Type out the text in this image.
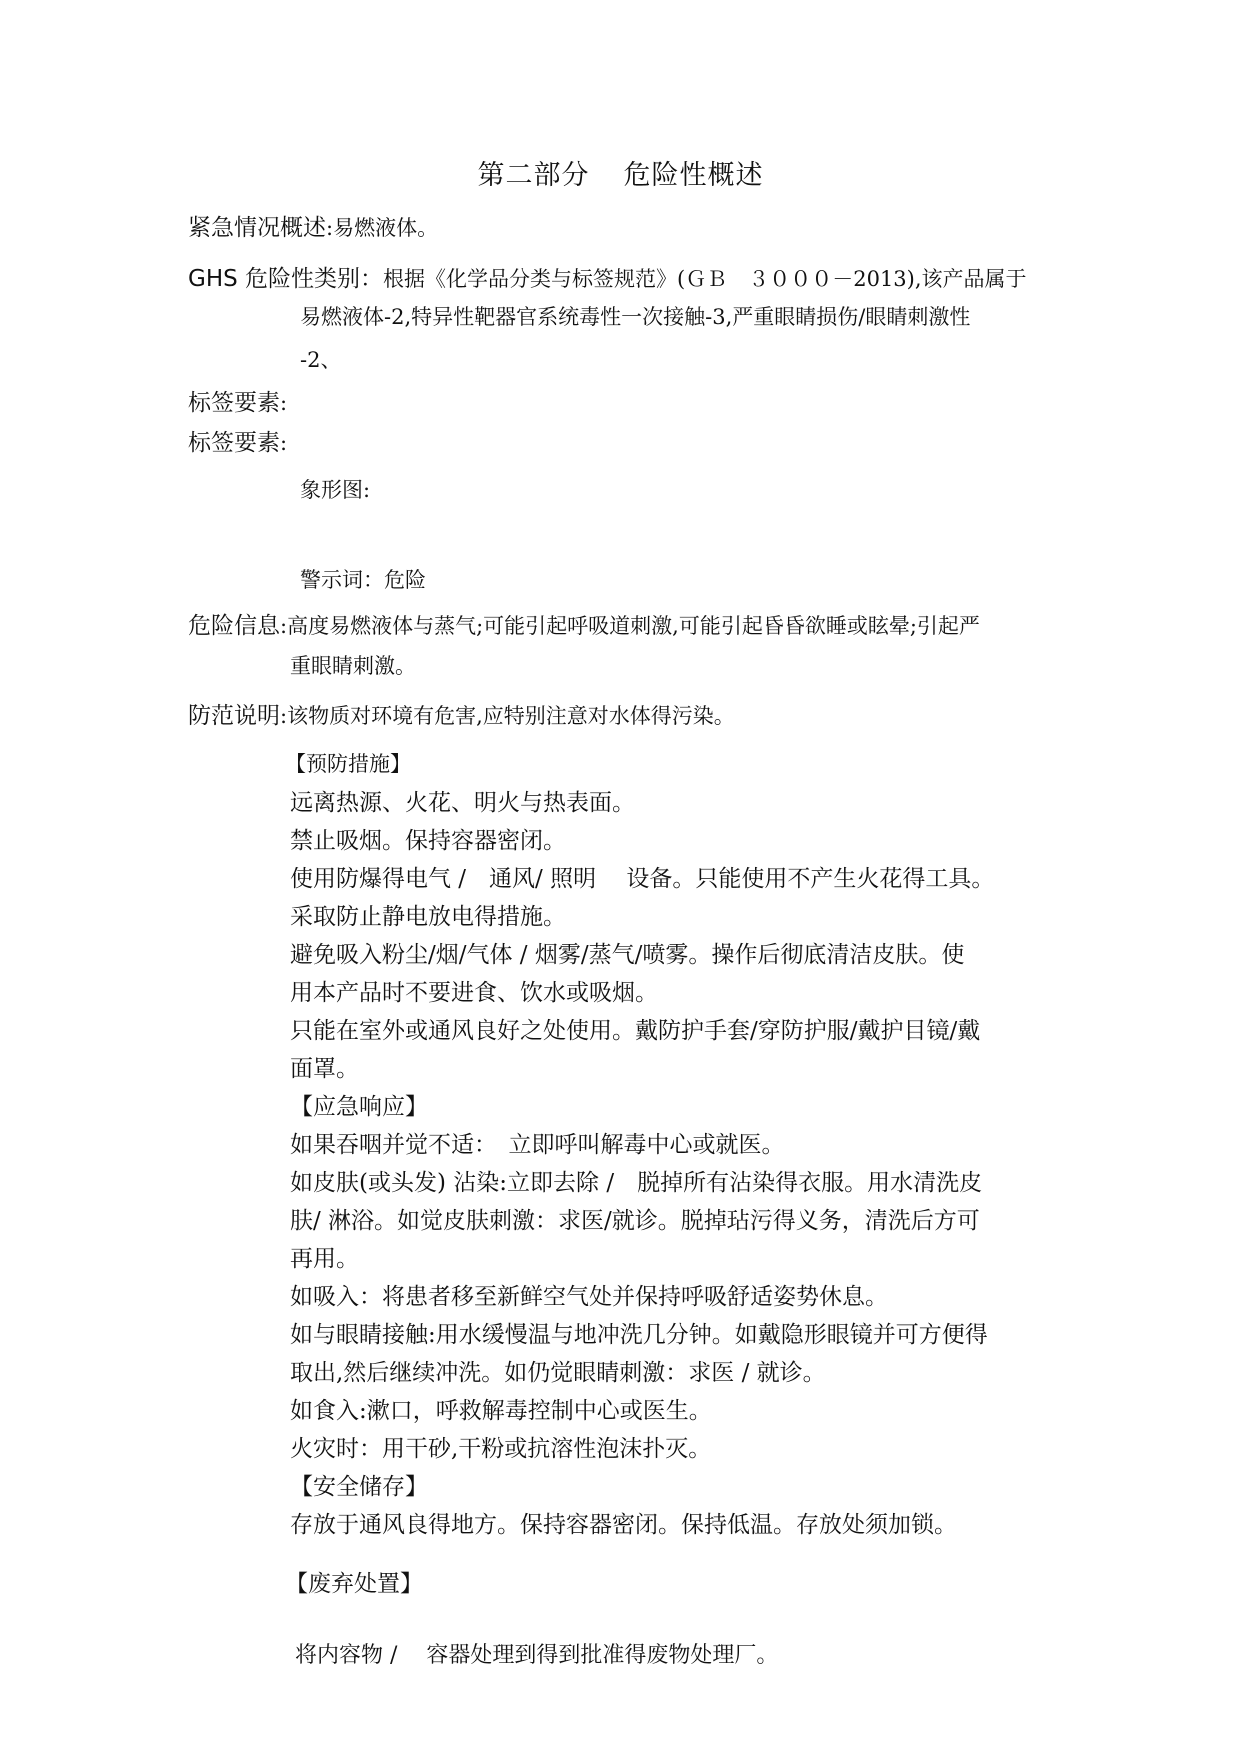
第二部分 危险性概述
紧急情况概述:易燃液体。
GHS 危险性类别：根据《化学品分类与标签规范》(ＧＢ　３０００－2013),该产品属于
易燃液体-2,特异性靶器官系统毒性一次接触-3,严重眼睛损伤/眼睛刺激性
-2、
标签要素:
标签要素:
象形图:
警示词：危险
危险信息:高度易燃液体与蒸气;可能引起呼吸道刺激,可能引起昏昏欲睡或眩晕;引起严
重眼睛刺激。
防范说明:该物质对环境有危害,应特别注意对水体得污染。
【预防措施】
远离热源、火花、明火与热表面。
禁止吸烟。保持容器密闭。
使用防爆得电气 /　通风/ 照明　 设备。只能使用不产生火花得工具。
采取防止静电放电得措施。
避免吸入粉尘/烟/气体 / 烟雾/蒸气/喷雾。操作后彻底清洁皮肤。使
用本产品时不要进食、饮水或吸烟。
只能在室外或通风良好之处使用。戴防护手套/穿防护服/戴护目镜/戴
面罩。
【应急响应】
如果吞咽并觉不适：　立即呼叫解毒中心或就医。
如皮肤(或头发) 沾染:立即去除 /　脱掉所有沾染得衣服。用水清洗皮
肤/ 淋浴。如觉皮肤刺激：求医/就诊。脱掉玷污得义务，清洗后方可
再用。
如吸入：将患者移至新鲜空气处并保持呼吸舒适姿势休息。
如与眼睛接触:用水缓慢温与地冲洗几分钟。如戴隐形眼镜并可方便得
取出,然后继续冲洗。如仍觉眼睛刺激：求医 / 就诊。
如食入:漱口，呼救解毒控制中心或医生。
火灾时：用干砂,干粉或抗溶性泡沫扑灭。
【安全储存】
存放于通风良得地方。保持容器密闭。保持低温。存放处须加锁。
【废弃处置】
将内容物 /　 容器处理到得到批准得废物处理厂。
